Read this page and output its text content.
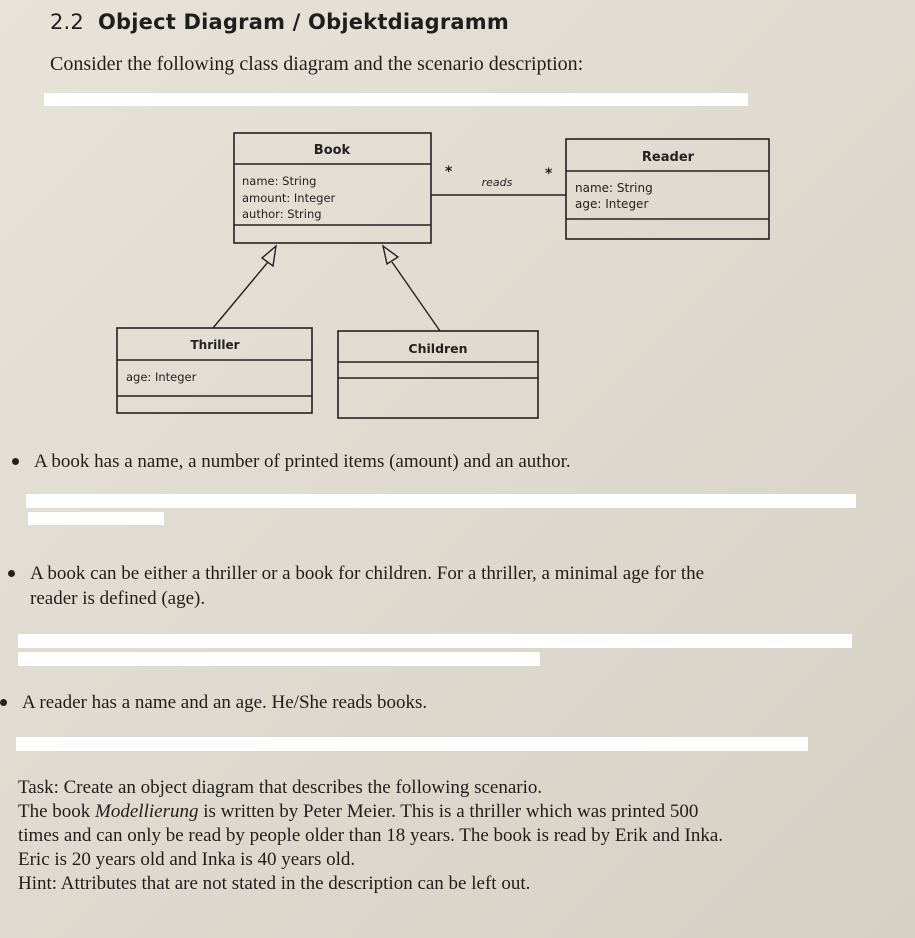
2.2 Object Diagram / Objektdiagramm
Consider the following class diagram and the scenario description:
Book
name: String
amount: Integer
author: String
Reader
name: String
age: Integer
reads
*	*
Thriller
age: Integer
Children
A book has a name, a number of printed items (amount) and an author.
A book can be either a thriller or a book for children. For a thriller, a minimal age for the
reader is defined (age).
A reader has a name and an age. He/She reads books.

Task: Create an object diagram that describes the following scenario.

The book Modellierung is written by Peter Meier. This is a thriller which was printed 500

times and can only be read by people older than 18 years. The book is read by Erik and Inka.

Eric is 20 years old and Inka is 40 years old.

Hint: Attributes that are not stated in the description can be left out.
